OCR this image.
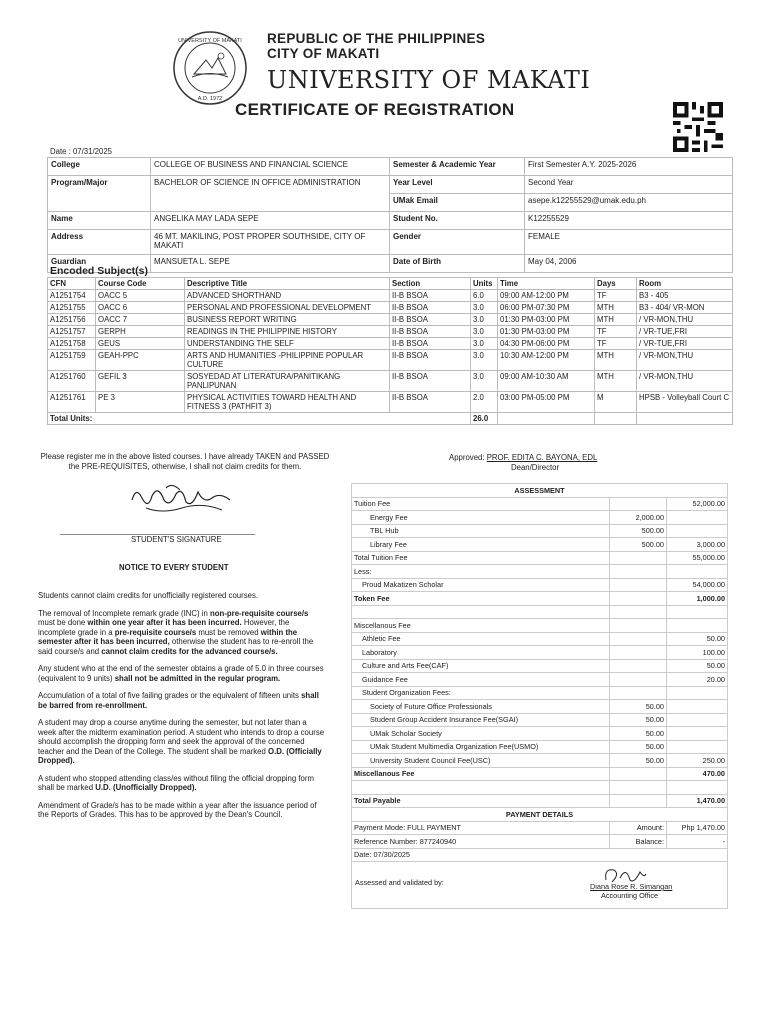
UNIVERSITY OF MAKATI
A.D. 1972
REPUBLIC OF THE PHILIPPINES
CITY OF MAKATI
UNIVERSITY OF MAKATI
CERTIFICATE OF REGISTRATION
Date : 07/31/2025
College	COLLEGE OF BUSINESS AND FINANCIAL SCIENCE	Semester & Academic Year	First Semester A.Y. 2025-2026
Program/Major	BACHELOR OF SCIENCE IN OFFICE ADMINISTRATION	Year Level	Second Year
		UMak Email	asepe.k12255529@umak.edu.ph
Name	ANGELIKA MAY LADA SEPE	Student No.	K12255529
Address	46 MT. MAKILING, POST PROPER SOUTHSIDE, CITY OF MAKATI	Gender	FEMALE
Guardian	MANSUETA L. SEPE	Date of Birth	May 04, 2006
Encoded Subject(s)
CFN	Course Code	Descriptive Title	Section	Units	Time	Days	Room
A1251754	OACC 5	ADVANCED SHORTHAND	II-B BSOA	6.0	09:00 AM-12:00 PM	TF	B3 - 405
A1251755	OACC 6	PERSONAL AND PROFESSIONAL DEVELOPMENT	II-B BSOA	3.0	06:00 PM-07:30 PM	MTH	B3 - 404/ VR-MON
A1251756	OACC 7	BUSINESS REPORT WRITING	II-B BSOA	3.0	01:30 PM-03:00 PM	MTH	/ VR-MON,THU
A1251757	GERPH	READINGS IN THE PHILIPPINE HISTORY	II-B BSOA	3.0	01:30 PM-03:00 PM	TF	/ VR-TUE,FRI
A1251758	GEUS	UNDERSTANDING THE SELF	II-B BSOA	3.0	04:30 PM-06:00 PM	TF	/ VR-TUE,FRI
A1251759	GEAH-PPC	ARTS AND HUMANITIES -PHILIPPINE POPULAR CULTURE	II-B BSOA	3.0	10:30 AM-12:00 PM	MTH	/ VR-MON,THU
A1251760	GEFIL 3	SOSYEDAD AT LITERATURA/PANITIKANG PANLIPUNAN	II-B BSOA	3.0	09:00 AM-10:30 AM	MTH	/ VR-MON,THU
A1251761	PE 3	PHYSICAL ACTIVITIES TOWARD HEALTH AND FITNESS 3 (PATHFIT 3)	II-B BSOA	2.0	03:00 PM-05:00 PM	M	HPSB - Volleyball Court C
Total Units:				26.0			
Please register me in the above listed courses. I have already TAKEN and PASSED the PRE-REQUISITES, otherwise, I shall not claim credits for them.
_____________________________________________
STUDENT'S SIGNATURE
Approved: PROF. EDITA C. BAYONA, EDL
Dean/Director
NOTICE TO EVERY STUDENT

Students cannot claim credits for unofficially registered courses.

The removal of Incomplete remark grade (INC) in non-pre-requisite course/s must be done within one year after it has been incurred. However, the incomplete grade in a pre-requisite course/s must be removed within the semester after it has been incurred, otherwise the student has to re-enroll the said course/s and cannot claim credits for the advanced course/s.

Any student who at the end of the semester obtains a grade of 5.0 in three courses (equivalent to 9 units) shall not be admitted in the regular program.

Accumulation of a total of five failing grades or the equivalent of fifteen units shall be barred from re-enrollment.

A student may drop a course anytime during the semester, but not later than a week after the midterm examination period. A student who intends to drop a course should accomplish the dropping form and seek the approval of the concerned teacher and the Dean of the College. The student shall be marked O.D. (Officially Dropped).

A student who stopped attending class/es without filing the official dropping form shall be marked U.D. (Unofficially Dropped).

Amendment of Grade/s has to be made within a year after the issuance period of the Reports of Grades. This has to be approved by the Dean's Council.

ASSESSMENT		
Tuition Fee		52,000.00
Energy Fee	2,000.00	
TBL Hub	500.00	
Library Fee	500.00	3,000.00
Total Tuition Fee		55,000.00
Less:		
Proud Makatizen Scholar		54,000.00
Token Fee		1,000.00

Miscellanous Fee		
Athletic Fee		50.00
Laboratory		100.00
Culture and Arts Fee(CAF)		50.00
Guidance Fee		20.00
Student Organization Fees:		
Society of Future Office Professionals	50.00	
Student Group Accident Insurance Fee(SGAI)	50.00	
UMak Scholar Society	50.00	
UMak Student Multimedia Organization Fee(USMO)	50.00	
University Student Council Fee(USC)	50.00	250.00
Miscellanous Fee		470.00

Total Payable		1,470.00
PAYMENT DETAILS		
Payment Mode: FULL PAYMENT	Amount:	Php 1,470.00
Reference Number: 877240940	Balance:	-
Date: 07/30/2025		

Assessed and validated by: Diana Rose R. Simangan
Accounting Office		
